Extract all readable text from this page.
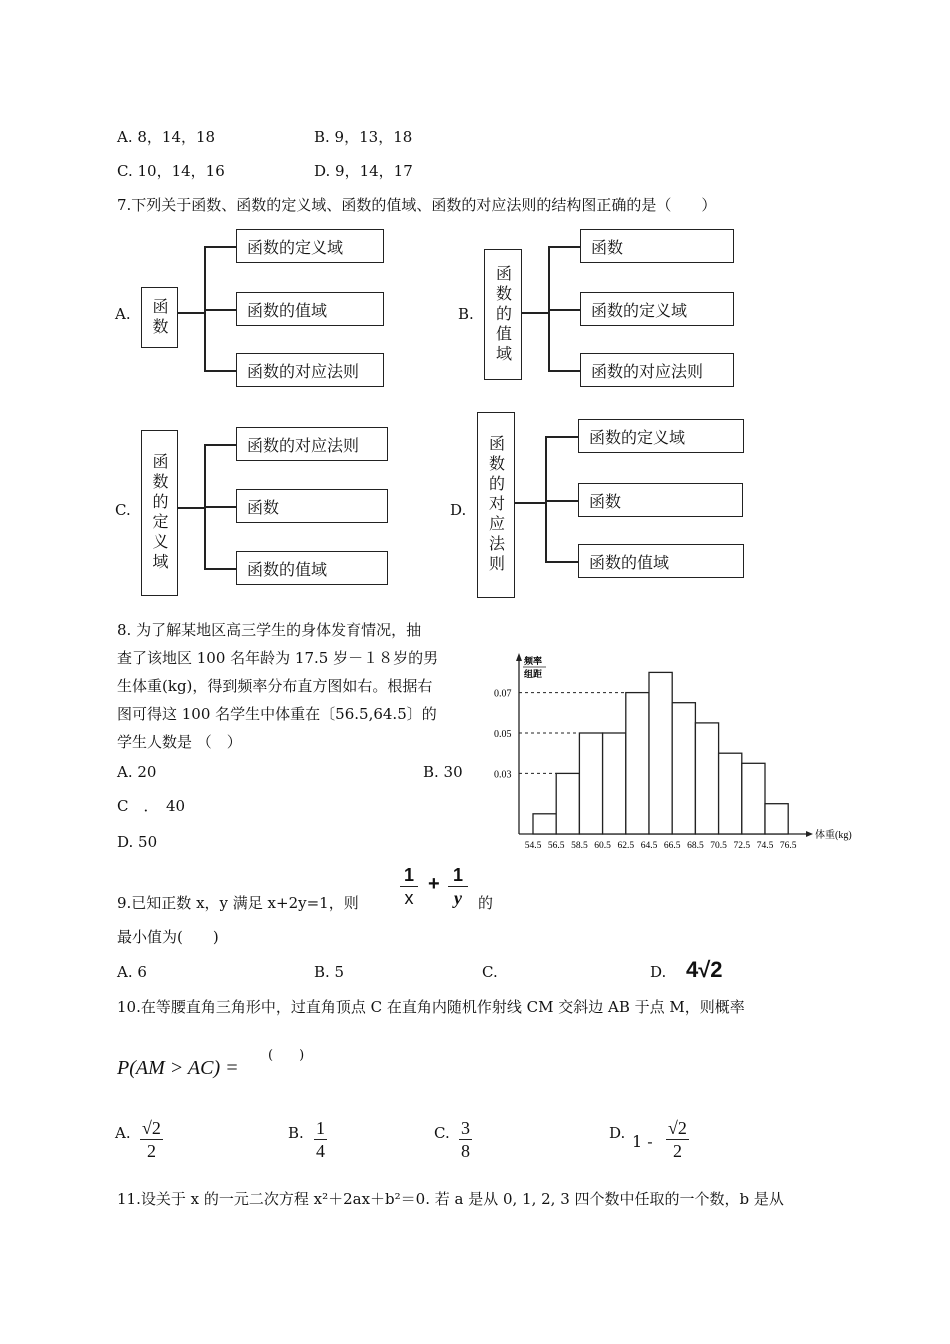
A. 8，14，18	B. 9，13，18
C. 10，14，16	D. 9，14，17
7.下列关于函数、函数的定义域、函数的值域、函数的对应法则的结构图正确的是（　　）
A.	函数
函数的定义域
函数的值域
函数的对应法则
B.	函数的值域
函数
函数的定义域
函数的对应法则
C.	函数的定义域
函数的对应法则
函数
函数的值域
D.	函数的对应法则	函数的定义域
函数
函数的值域
8. 为了解某地区高三学生的身体发育情况，抽
查了该地区 100 名年龄为 17.5 岁－１８岁的男
生体重(kg)，得到频率分布直方图如右。根据右
图可得这 100 名学生中体重在〔56.5,64.5〕的
学生人数是 （　）
A. 20	B. 30
C　．　40
D. 50
频率
组距
体重(kg)
0.03
0.05
0.07
54.5 56.5 58.5 60.5 62.5 64.5 66.5 68.5 70.5 72.5 74.5 76.5
9.已知正数 x，y 满足 x+2y=1，则 $\frac{1}{x} + \frac{1}{y}$ 的
最小值为(　　)
A. 6	B. 5	C.	D. 4√2
10.在等腰直角三角形中，过直角顶点 C 在直角内随机作射线 CM 交斜边 AB 于点 M，则概率
P(AM > AC) =
(　　)
A. $\frac{√2}{2}$	B. $\frac{1}{4}$	C. $\frac{3}{8}$	D. $1 - \frac{√2}{2}$
11.设关于 x 的一元二次方程 x²＋2ax＋b²＝0. 若 a 是从 0, 1, 2, 3 四个数中任取的一个数，b 是从
